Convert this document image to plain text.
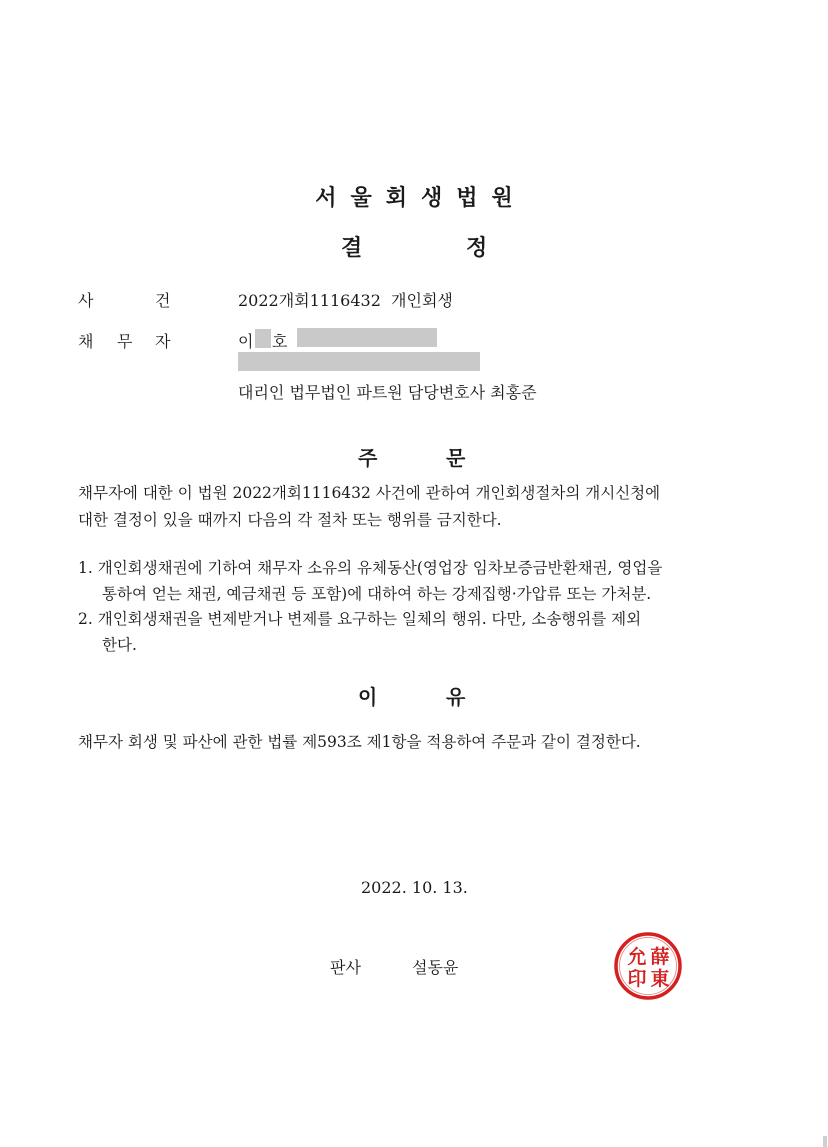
서울회생법원
결	정
사	건	2022개회1116432  개인회생
채 무 자	이 호
대리인 법무법인 파트원 담당변호사 최홍준
주	문
채무자에 대한 이 법원 2022개회1116432 사건에 관하여 개인회생절차의 개시신청에
대한 결정이 있을 때까지 다음의 각 절차 또는 행위를 금지한다.
1. 개인회생채권에 기하여 채무자 소유의 유체동산(영업장 임차보증금반환채권, 영업을
통하여 얻는 채권, 예금채권 등 포함)에 대하여 하는 강제집행·가압류 또는 가처분.
2. 개인회생채권을 변제받거나 변제를 요구하는 일체의 행위. 다만, 소송행위를 제외
한다.
이	유
채무자 회생 및 파산에 관한 법률 제593조 제1항을 적용하여 주문과 같이 결정한다.
2022. 10. 13.
판사	설동윤	薛
東
允
印
